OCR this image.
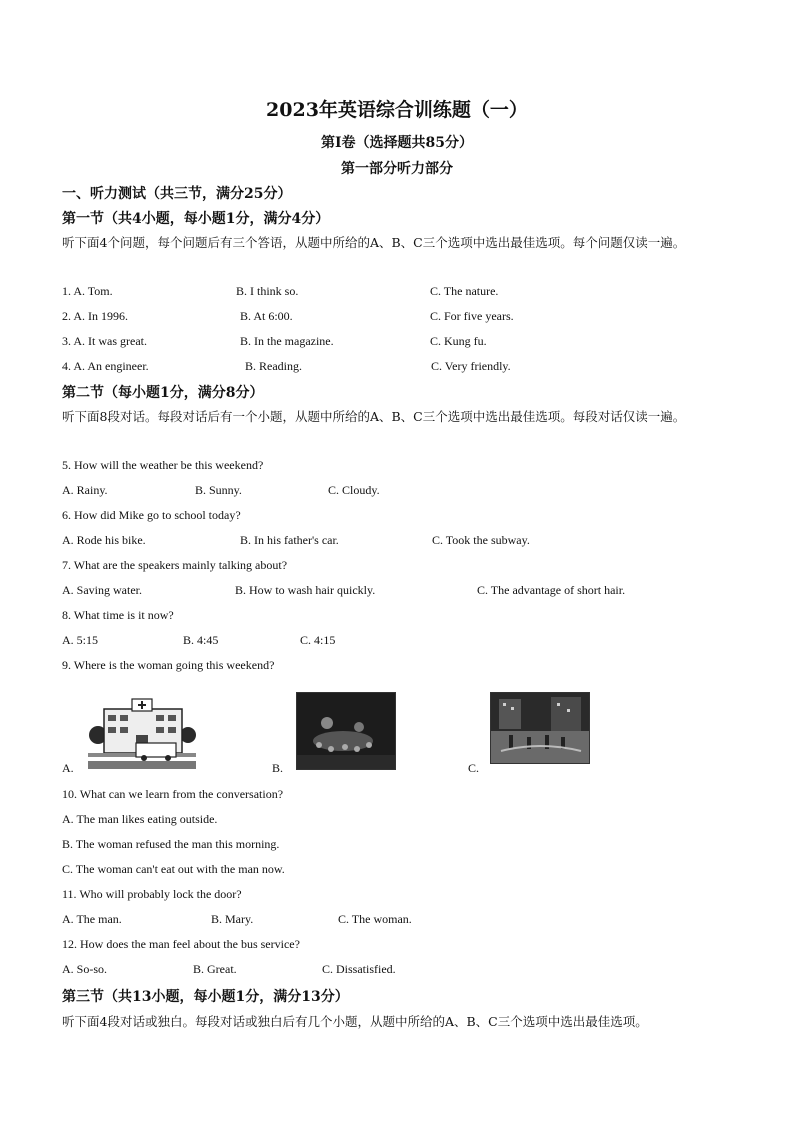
2023年英语综合训练题（一）
第Ⅰ卷（选择题共85分）
第一部分听力部分
一、听力测试（共三节，满分25分）
第一节（共4小题，每小题1分，满分4分）
听下面4个问题，每个问题后有三个答语，从题中所给的A、B、C三个选项中选出最佳选项。每个问题仅读一遍。
1. A. Tom.	B. I think so.	C. The nature.
2. A. In 1996.	B. At 6:00.	C. For five years.
3. A. It was great.	B. In the magazine.	C. Kung fu.
4. A. An engineer.	B. Reading.	C. Very friendly.
第二节（每小题1分，满分8分）
听下面8段对话。每段对话后有一个小题，从题中所给的A、B、C三个选项中选出最佳选项。每段对话仅读一遍。
5. How will the weather be this weekend?
A. Rainy.	B. Sunny.	C. Cloudy.
6. How did Mike go to school today?
A. Rode his bike.	B. In his father's car.	C. Took the subway.
7. What are the speakers mainly talking about?
A. Saving water.	B. How to wash hair quickly.	C. The advantage of short hair.
8. What time is it now?
A. 5:15	B. 4:45	C. 4:15
9. Where is the woman going this weekend?
A.	B.	C.
10. What can we learn from the conversation?
A. The man likes eating outside.
B. The woman refused the man this morning.
C. The woman can't eat out with the man now.
11. Who will probably lock the door?
A. The man.	B. Mary.	C. The woman.
12. How does the man feel about the bus service?
A. So-so.	B. Great.	C. Dissatisfied.
第三节（共13小题，每小题1分，满分13分）
听下面4段对话或独白。每段对话或独白后有几个小题，从题中所给的A、B、C三个选项中选出最佳选项。
